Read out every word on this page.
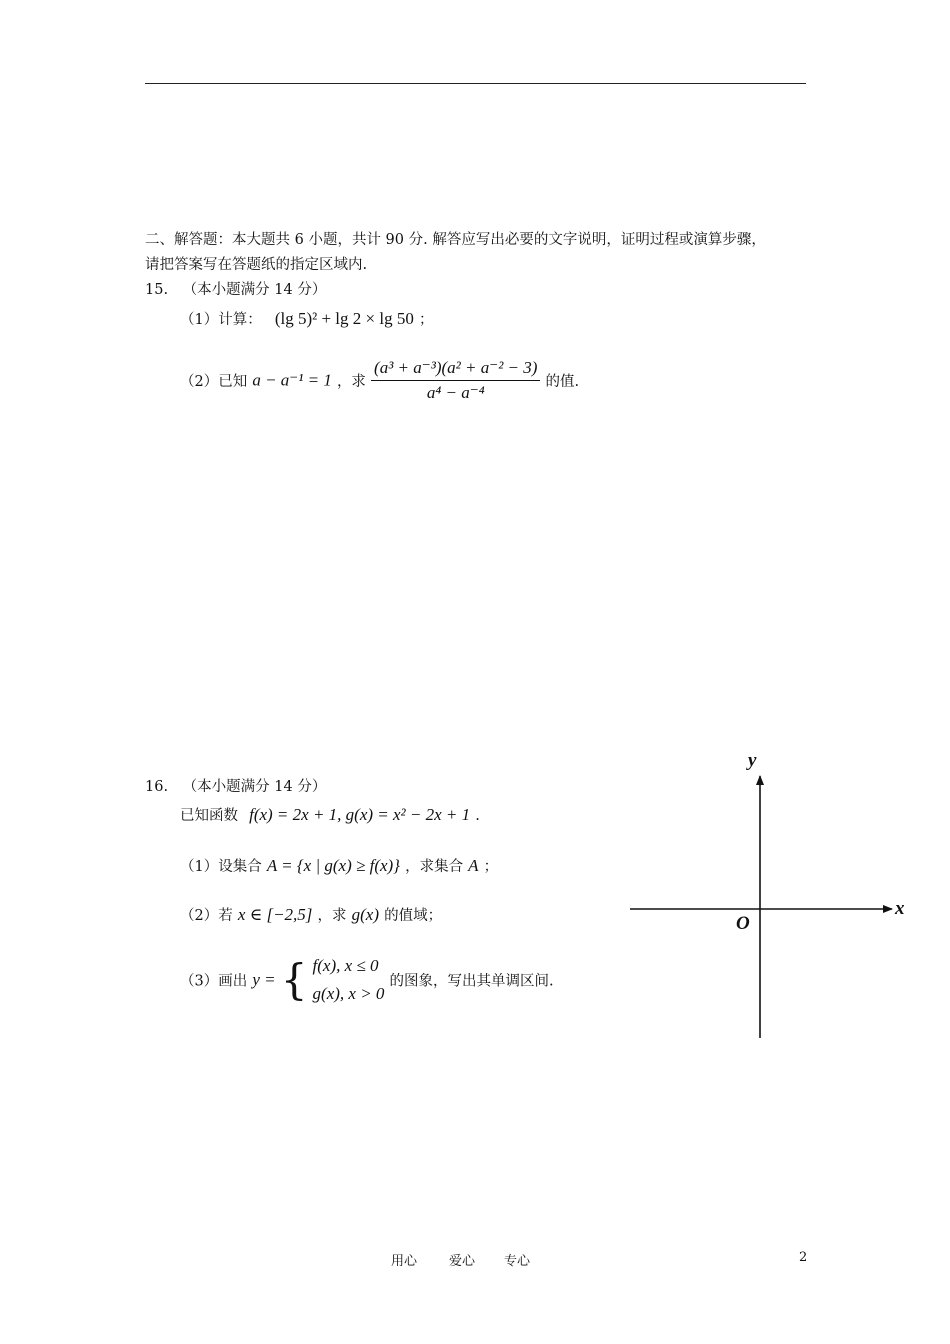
二、解答题：本大题共 6 小题，共计 90 分. 解答应写出必要的文字说明，证明过程或演算步骤，
请把答案写在答题纸的指定区域内.
15. （本小题满分 14 分）
（1）计算： (lg 5)² + lg 2 × lg 50 ；
（2）已知 a − a⁻¹ = 1 ，求 $\frac{\text{(a³ + a⁻³)(a² + a⁻² − 3)}}{\text{a⁴ − a⁻⁴}}$ 的值.
16. （本小题满分 14 分）
已知函数 f(x) = 2x + 1, g(x) = x² − 2x + 1 .
（1）设集合 A = {x | g(x) ≥ f(x)} ，求集合 A ；
（2）若 x ∈ [−2,5] ，求 g(x) 的值域；
（3）画出 y = { f(x), x ≤ 0
g(x), x > 0
的图象，写出其单调区间.
y
x
O
用心 爱心 专心	2
